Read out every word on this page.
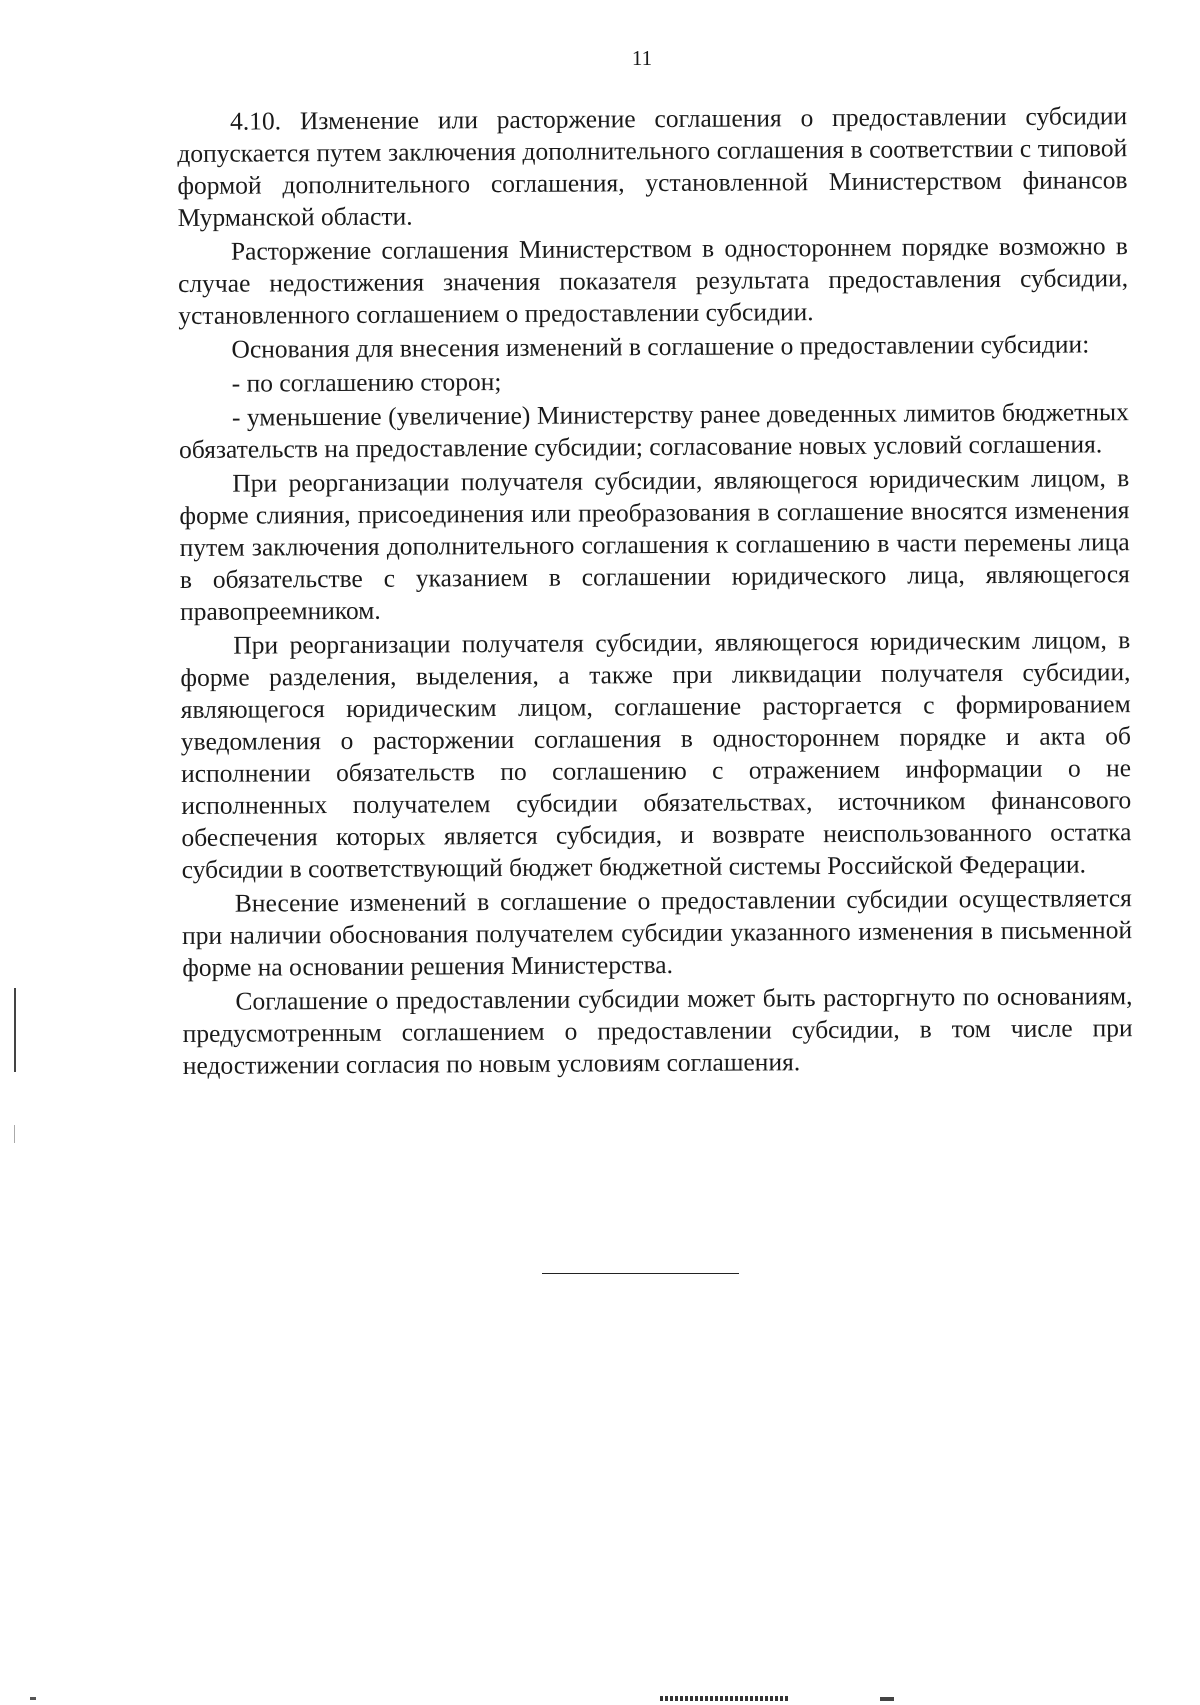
11

4.10. Изменение или расторжение соглашения о предоставлении субсидии допускается путем заключения дополнительного соглашения в соответствии с типовой формой дополнительного соглашения, установленной Министерством финансов Мурманской области.

Расторжение соглашения Министерством в одностороннем порядке возможно в случае недостижения значения показателя результата предоставления субсидии, установленного соглашением о предоставлении субсидии.

Основания для внесения изменений в соглашение о предоставлении субсидии:

- по соглашению сторон;

- уменьшение (увеличение) Министерству ранее доведенных лимитов бюджетных обязательств на предоставление субсидии; согласование новых условий соглашения.

При реорганизации получателя субсидии, являющегося юридическим лицом, в форме слияния, присоединения или преобразования в соглашение вносятся изменения путем заключения дополнительного соглашения к соглашению в части перемены лица в обязательстве с указанием в соглашении юридического лица, являющегося правопреемником.

При реорганизации получателя субсидии, являющегося юридическим лицом, в форме разделения, выделения, а также при ликвидации получателя субсидии, являющегося юридическим лицом, соглашение расторгается с формированием уведомления о расторжении соглашения в одностороннем порядке и акта об исполнении обязательств по соглашению с отражением информации о не исполненных получателем субсидии обязательствах, источником финансового обеспечения которых является субсидия, и возврате неиспользованного остатка субсидии в соответствующий бюджет бюджетной системы Российской Федерации.

Внесение изменений в соглашение о предоставлении субсидии осуществляется при наличии обоснования получателем субсидии указанного изменения в письменной форме на основании решения Министерства.

Соглашение о предоставлении субсидии может быть расторгнуто по основаниям, предусмотренным соглашением о предоставлении субсидии, в том числе при недостижении согласия по новым условиям соглашения.
